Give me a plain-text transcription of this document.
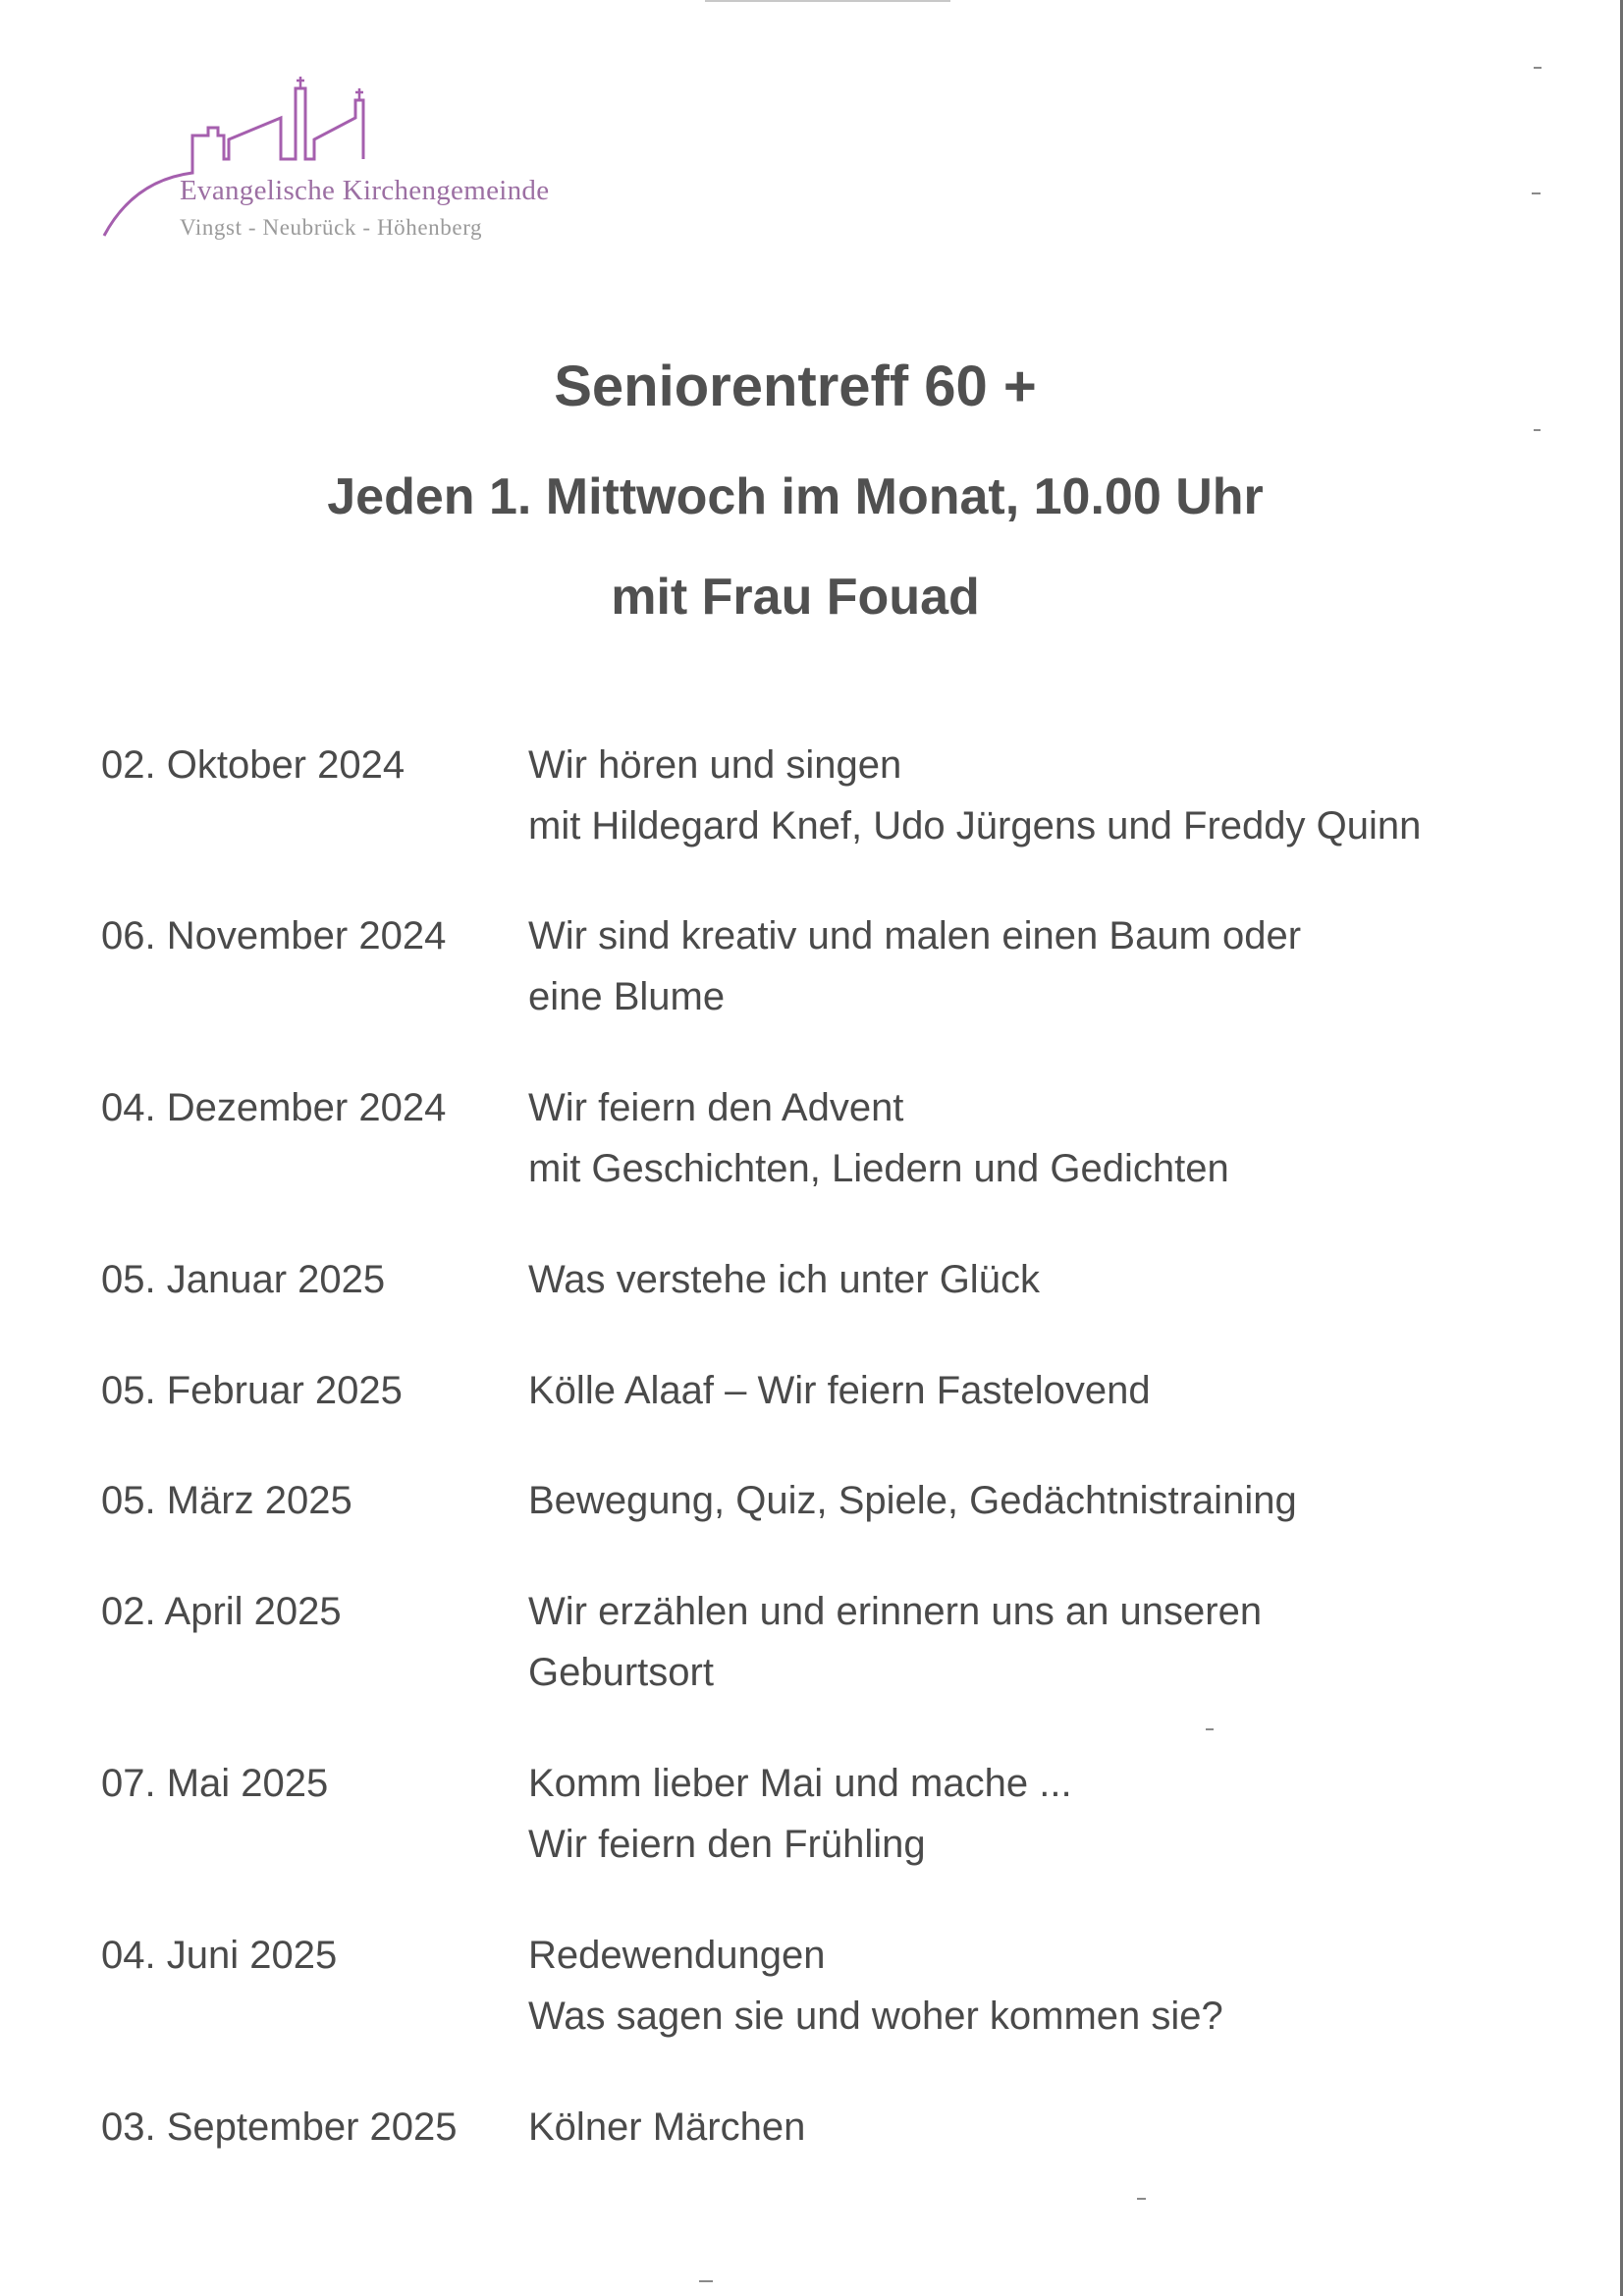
Evangelische Kirchengemeinde
Vingst - Neubrück - Höhenberg
Seniorentreff 60 +
Jeden 1. Mittwoch im Monat, 10.00 Uhr
mit Frau Fouad
02. Oktober 2024	Wir hören und singen
mit Hildegard Knef, Udo Jürgens und Freddy Quinn
06. November 2024	Wir sind kreativ und malen einen Baum oder
eine Blume
04. Dezember 2024	Wir feiern den Advent
mit Geschichten, Liedern und Gedichten
05. Januar 2025	Was verstehe ich unter Glück
05. Februar 2025	Kölle Alaaf – Wir feiern Fastelovend
05. März 2025	Bewegung, Quiz, Spiele, Gedächtnistraining
02. April 2025	Wir erzählen und erinnern uns an unseren
Geburtsort
07. Mai 2025	Komm lieber Mai und mache ...
Wir feiern den Frühling
04. Juni 2025	Redewendungen
Was sagen sie und woher kommen sie?
03. September 2025	Kölner Märchen
